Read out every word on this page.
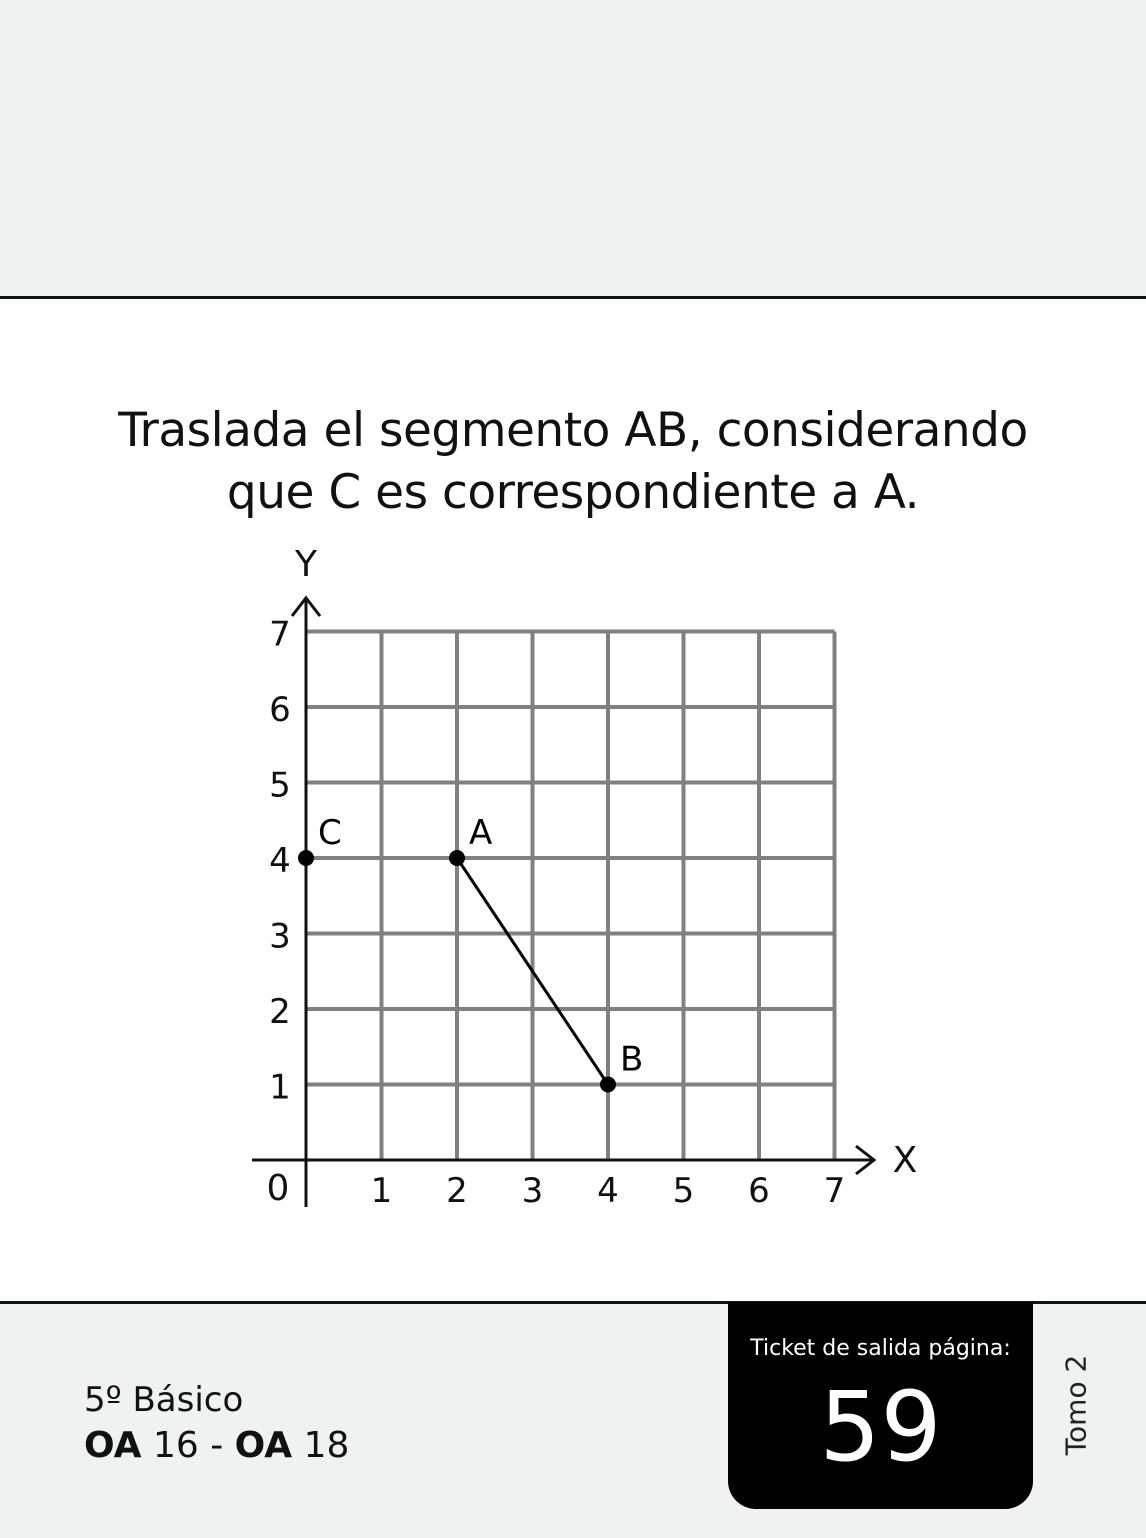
Traslada el segmento AB, considerando
que C es correspondiente a A.
X
Y
0 1 2 3 4 5 6 7
1
2
3
4
5
6
7
A
B
C
5º Básico
OA 16 - OA 18
Ticket de salida página:
59	Tomo 2
